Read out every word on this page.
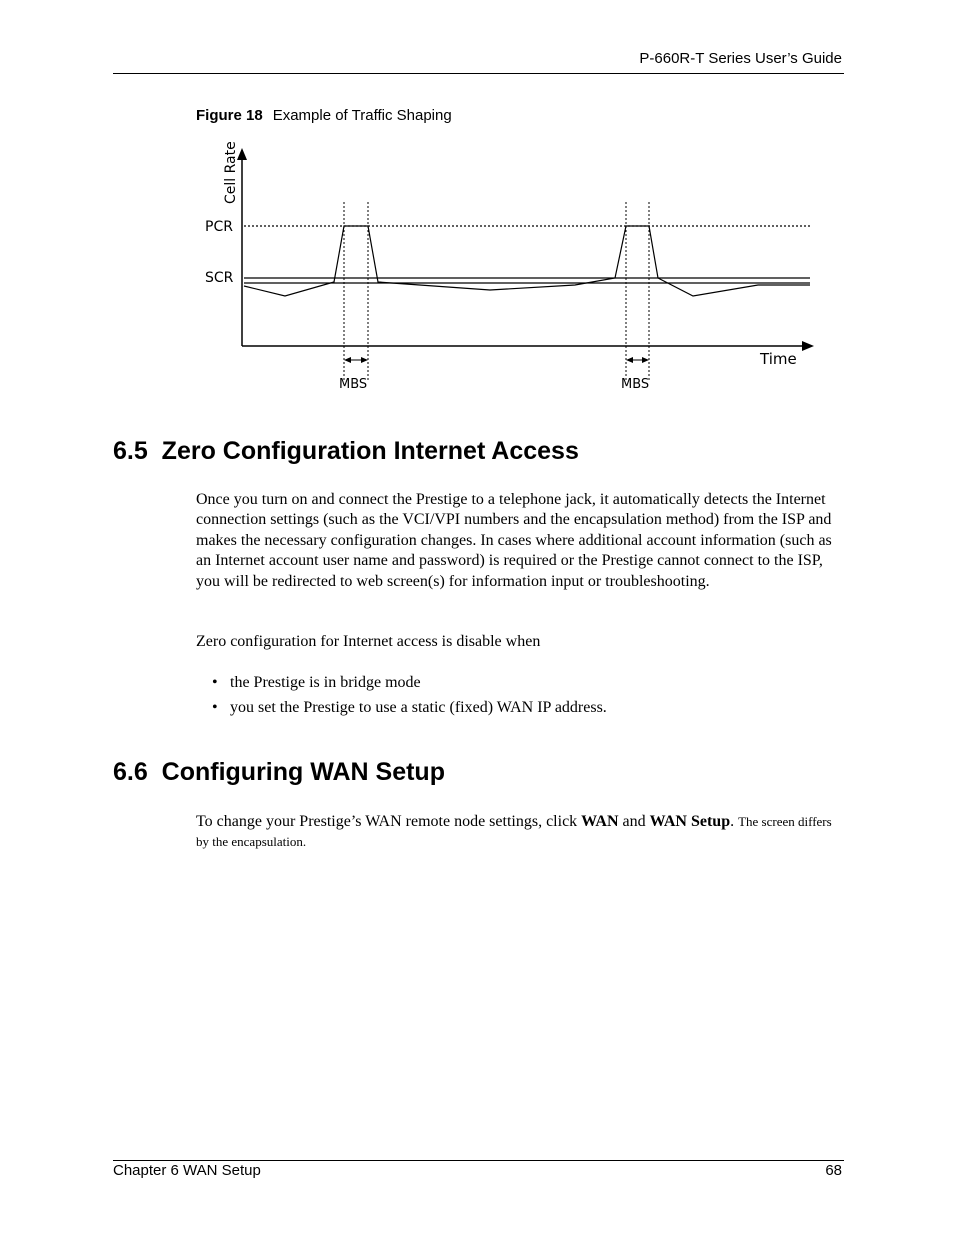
P-660R-T Series User’s Guide
Figure 18 Example of Traffic Shaping
Cell Rate
PCR
SCR
MBS	MBS
Time
6.5 Zero Configuration Internet Access

Once you turn on and connect the Prestige to a telephone jack, it automatically detects the Internet connection settings (such as the VCI/VPI numbers and the encapsulation method) from the ISP and makes the necessary configuration changes. In cases where additional account information (such as an Internet account user name and password) is required or the Prestige cannot connect to the ISP, you will be redirected to web screen(s) for information input or troubleshooting.

Zero configuration for Internet access is disable when

• the Prestige is in bridge mode
• you set the Prestige to use a static (fixed) WAN IP address.
6.6 Configuring WAN Setup

To change your Prestige’s WAN remote node settings, click WAN and WAN Setup. The screen differs by the encapsulation.

Chapter 6 WAN Setup	68
